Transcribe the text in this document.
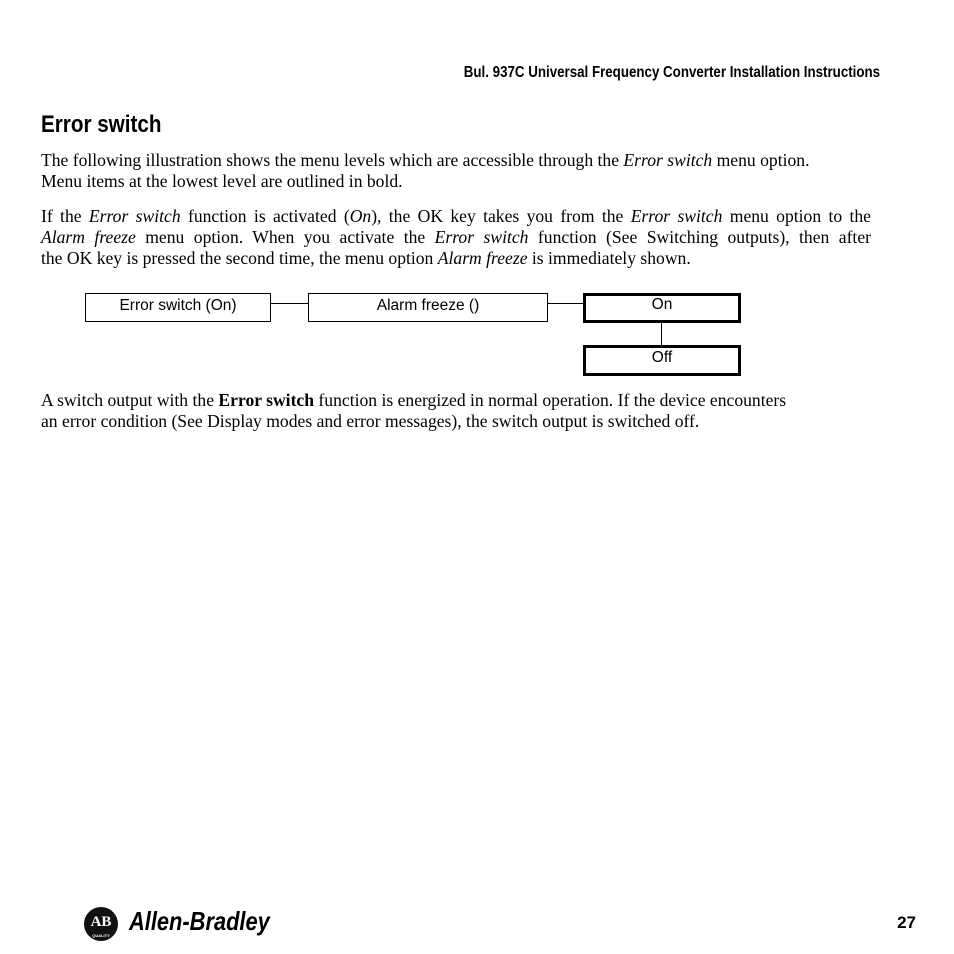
Bul. 937C Universal Frequency Converter Installation Instructions
Error switch

The following illustration shows the menu levels which are accessible through the Error switch menu option.
Menu items at the lowest level are outlined in bold.

If the Error switch function is activated (On), the OK key takes you from the Error switch menu option to the
Alarm freeze menu option. When you activate the Error switch function (See Switching outputs), then after
the OK key is pressed the second time, the menu option Alarm freeze is immediately shown.

Error switch (On)	Alarm freeze ()	On
Off

A switch output with the Error switch function is energized in normal operation. If the device encounters
an error condition (See Display modes and error messages), the switch output is switched off.

AB
QUALITY Allen-Bradley	27
